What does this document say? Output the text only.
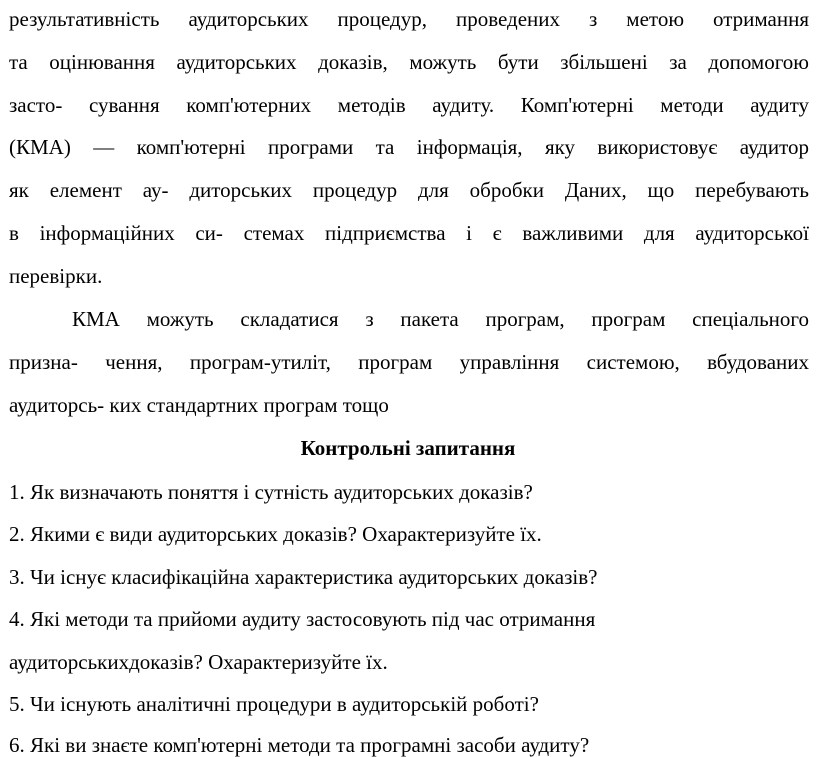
результативність аудиторських процедур, проведених з метою отримання
та оцінювання аудиторських доказів, можуть бути збільшені за допомогою
засто- сування комп'ютерних методів аудиту. Комп'ютерні методи аудиту
(КМА) — комп'ютерні програми та інформація, яку використовує аудитор
як елемент ау- диторських процедур для обробки Даних, що перебувають
в інформаційних си- стемах підприємства і є важливими для аудиторської
перевірки.
КМА можуть складатися з пакета програм, програм спеціального
призна- чення, програм-утиліт, програм управління системою, вбудованих
аудиторсь- ких стандартних програм тощо
Контрольні запитання
1. Як визначають поняття і сутність аудиторських доказів?
2. Якими є види аудиторських доказів? Охарактеризуйте їх.
3. Чи існує класифікаційна характеристика аудиторських доказів?
4. Які методи та прийоми аудиту застосовують під час отримання
аудиторськихдоказів? Охарактеризуйте їх.
5. Чи існують аналітичні процедури в аудиторській роботі?
6. Які ви знаєте комп'ютерні методи та програмні засоби аудиту?
